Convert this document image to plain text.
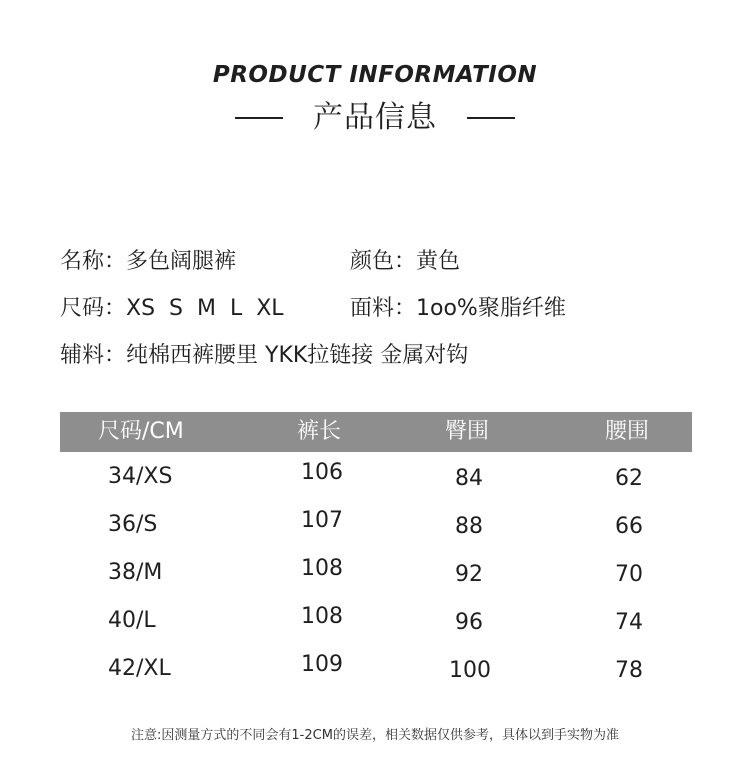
PRODUCT INFORMATION
产品信息
名称：多色阔腿裤	颜色：黄色
尺码：XS  S  M  L  XL	面料：1oo%聚脂纤维
辅料：纯棉西裤腰里 YKK拉链接 金属对钩
尺码/CM	裤长	臀围	腰围
34/XS	106	84	62
36/S	107	88	66
38/M	108	92	70
40/L	108	96	74
42/XL	109	100	78
注意:因测量方式的不同会有1-2CM的误差，相关数据仅供参考，具体以到手实物为准
